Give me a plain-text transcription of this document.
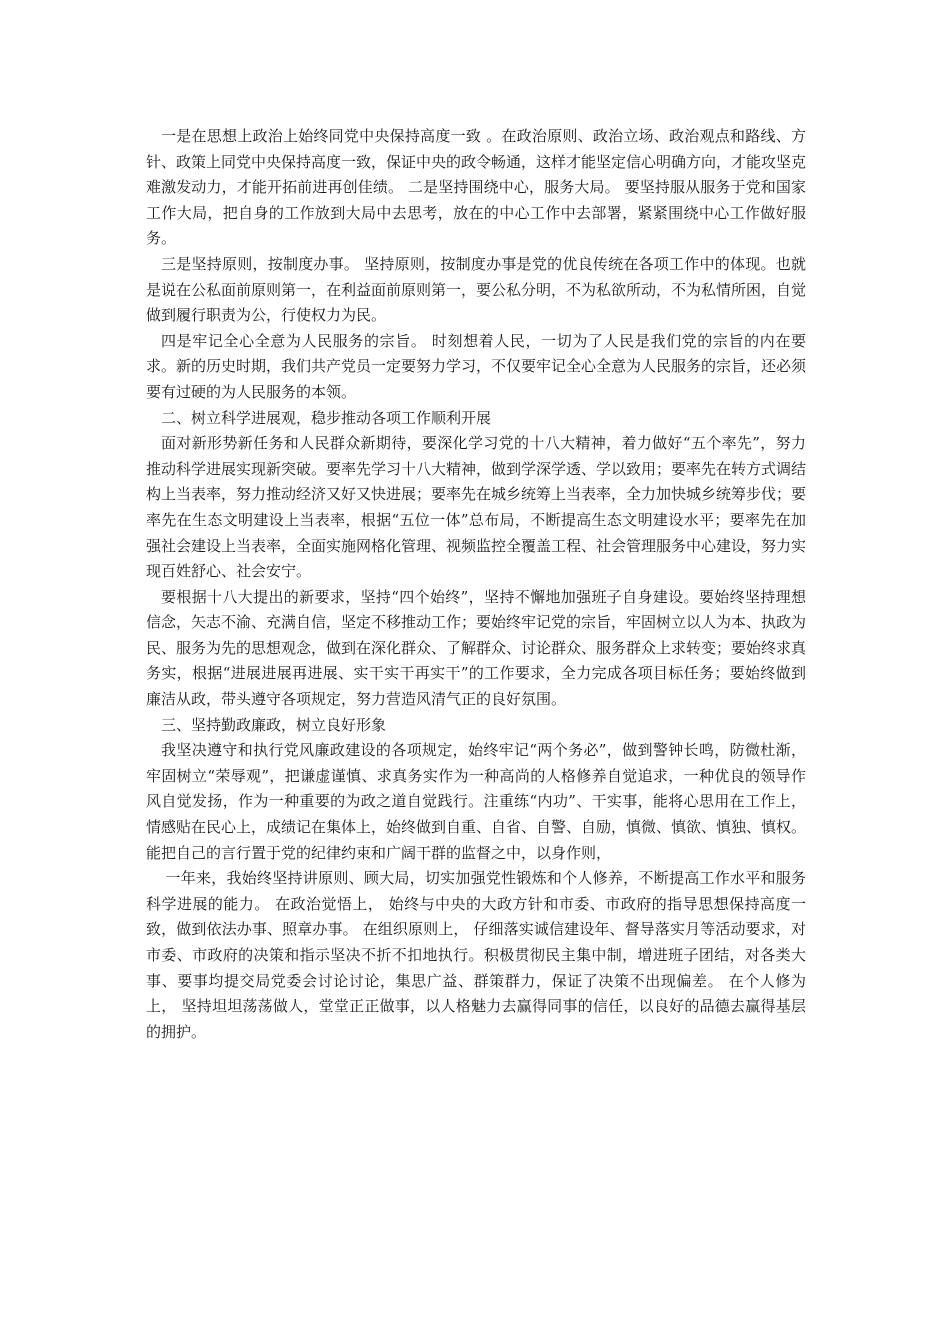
一是在思想上政治上始终同党中央保持高度一致 。在政治原则、政治立场、政治观点和路线、方针、政策上同党中央保持高度一致，保证中央的政令畅通，这样才能坚定信心明确方向，才能攻坚克难激发动力，才能开拓前进再创佳绩。 二是坚持围绕中心，服务大局。 要坚持服从服务于党和国家工作大局，把自身的工作放到大局中去思考，放在的中心工作中去部署，紧紧围绕中心工作做好服务。

三是坚持原则，按制度办事。 坚持原则，按制度办事是党的优良传统在各项工作中的体现。也就是说在公私面前原则第一，在利益面前原则第一，要公私分明，不为私欲所动，不为私情所困，自觉做到履行职责为公，行使权力为民。

四是牢记全心全意为人民服务的宗旨。 时刻想着人民，一切为了人民是我们党的宗旨的内在要求。新的历史时期，我们共产党员一定要努力学习，不仅要牢记全心全意为人民服务的宗旨，还必须要有过硬的为人民服务的本领。

二、树立科学进展观，稳步推动各项工作顺利开展

面对新形势新任务和人民群众新期待，要深化学习党的十八大精神，着力做好“五个率先”，努力推动科学进展实现新突破。要率先学习十八大精神，做到学深学透、学以致用；要率先在转方式调结构上当表率，努力推动经济又好又快进展；要率先在城乡统筹上当表率，全力加快城乡统筹步伐；要率先在生态文明建设上当表率，根据“五位一体”总布局，不断提高生态文明建设水平；要率先在加强社会建设上当表率，全面实施网格化管理、视频监控全覆盖工程、社会管理服务中心建设，努力实现百姓舒心、社会安宁。

要根据十八大提出的新要求，坚持“四个始终”，坚持不懈地加强班子自身建设。要始终坚持理想信念，矢志不渝、充满自信，坚定不移推动工作；要始终牢记党的宗旨，牢固树立以人为本、执政为民、服务为先的思想观念，做到在深化群众、了解群众、讨论群众、服务群众上求转变；要始终求真务实，根据“进展进展再进展、实干实干再实干”的工作要求，全力完成各项目标任务；要始终做到廉洁从政，带头遵守各项规定，努力营造风清气正的良好氛围。

三、坚持勤政廉政，树立良好形象

我坚决遵守和执行党风廉政建设的各项规定，始终牢记“两个务必”，做到警钟长鸣，防微杜渐，牢固树立“荣辱观”，把谦虚谨慎、求真务实作为一种高尚的人格修养自觉追求，一种优良的领导作风自觉发扬，作为一种重要的为政之道自觉践行。注重练“内功”、干实事，能将心思用在工作上，情感贴在民心上，成绩记在集体上，始终做到自重、自省、自警、自励，慎微、慎欲、慎独、慎权。能把自己的言行置于党的纪律约束和广阔干群的监督之中，以身作则，

一年来，我始终坚持讲原则、顾大局，切实加强党性锻炼和个人修养，不断提高工作水平和服务科学进展的能力。 在政治觉悟上， 始终与中央的大政方针和市委、市政府的指导思想保持高度一致，做到依法办事、照章办事。 在组织原则上， 仔细落实诚信建设年、督导落实月等活动要求，对市委、市政府的决策和指示坚决不折不扣地执行。积极贯彻民主集中制，增进班子团结，对各类大事、要事均提交局党委会讨论讨论，集思广益、群策群力，保证了决策不出现偏差。 在个人修为上， 坚持坦坦荡荡做人，堂堂正正做事，以人格魅力去赢得同事的信任，以良好的品德去赢得基层的拥护。
